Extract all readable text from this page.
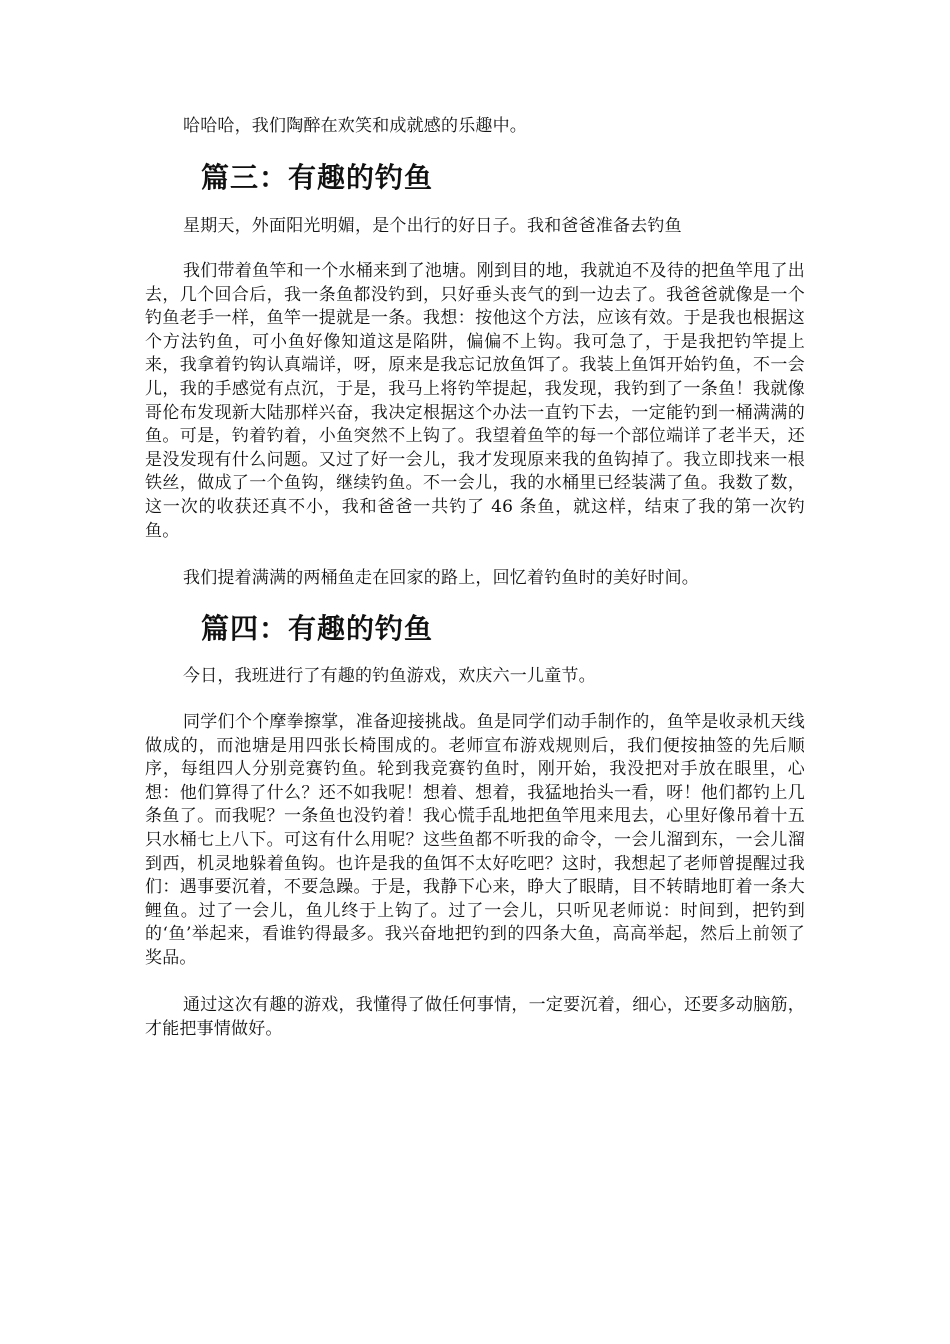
哈哈哈，我们陶醉在欢笑和成就感的乐趣中。

篇三：有趣的钓鱼

星期天，外面阳光明媚，是个出行的好日子。我和爸爸准备去钓鱼

我们带着鱼竿和一个水桶来到了池塘。刚到目的地，我就迫不及待的把鱼竿甩了出去，几个回合后，我一条鱼都没钓到，只好垂头丧气的到一边去了。我爸爸就像是一个钓鱼老手一样，鱼竿一提就是一条。我想：按他这个方法，应该有效。于是我也根据这个方法钓鱼，可小鱼好像知道这是陷阱，偏偏不上钩。我可急了，于是我把钓竿提上来，我拿着钓钩认真端详，呀，原来是我忘记放鱼饵了。我装上鱼饵开始钓鱼，不一会儿，我的手感觉有点沉，于是，我马上将钓竿提起，我发现，我钓到了一条鱼！我就像哥伦布发现新大陆那样兴奋，我决定根据这个办法一直钓下去，一定能钓到一桶满满的鱼。可是，钓着钓着，小鱼突然不上钩了。我望着鱼竿的每一个部位端详了老半天，还是没发现有什么问题。又过了好一会儿，我才发现原来我的鱼钩掉了。我立即找来一根铁丝，做成了一个鱼钩，继续钓鱼。不一会儿，我的水桶里已经装满了鱼。我数了数，这一次的收获还真不小，我和爸爸一共钓了 46 条鱼，就这样，结束了我的第一次钓鱼。

我们提着满满的两桶鱼走在回家的路上，回忆着钓鱼时的美好时间。

篇四：有趣的钓鱼

今日，我班进行了有趣的钓鱼游戏，欢庆六一儿童节。

同学们个个摩拳擦掌，准备迎接挑战。鱼是同学们动手制作的，鱼竿是收录机天线做成的，而池塘是用四张长椅围成的。老师宣布游戏规则后，我们便按抽签的先后顺序，每组四人分别竞赛钓鱼。轮到我竞赛钓鱼时，刚开始，我没把对手放在眼里，心想：他们算得了什么？还不如我呢！想着、想着，我猛地抬头一看，呀！他们都钓上几条鱼了。而我呢？一条鱼也没钓着！我心慌手乱地把鱼竿甩来甩去，心里好像吊着十五只水桶七上八下。可这有什么用呢？这些鱼都不听我的命令，一会儿溜到东，一会儿溜到西，机灵地躲着鱼钩。也许是我的鱼饵不太好吃吧？这时，我想起了老师曾提醒过我们：遇事要沉着，不要急躁。于是，我静下心来，睁大了眼睛，目不转睛地盯着一条大鲤鱼。过了一会儿，鱼儿终于上钩了。过了一会儿，只听见老师说：时间到，把钓到的‘鱼’举起来，看谁钓得最多。我兴奋地把钓到的四条大鱼，高高举起，然后上前领了奖品。

通过这次有趣的游戏，我懂得了做任何事情，一定要沉着，细心，还要多动脑筋，才能把事情做好。
